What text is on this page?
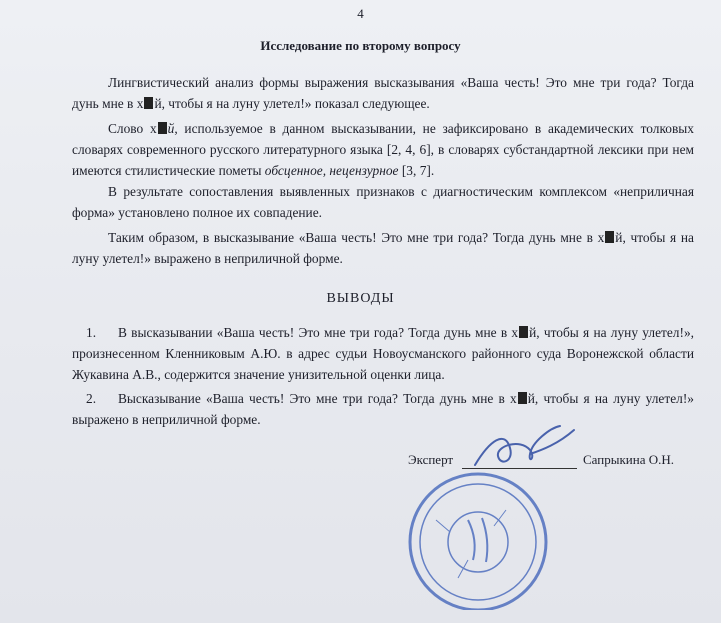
4
Исследование по второму вопросу

Лингвистический анализ формы выражения высказывания «Ваша честь! Это мне три года? Тогда дунь мне в х й, чтобы я на луну улетел!» показал следующее.

Слово х й, используемое в данном высказывании, не зафиксировано в академических толковых словарях современного русского литературного языка [2, 4, 6], в словарях субстандартной лексики при нем имеются стилистические пометы обсценное, нецензурное [3, 7].

В результате сопоставления выявленных признаков с диагностическим комплексом «неприличная форма» установлено полное их совпадение.

Таким образом, в высказывание «Ваша честь! Это мне три года? Тогда дунь мне в х й, чтобы я на луну улетел!» выражено в неприличной форме.

ВЫВОДЫ

1. В высказывании «Ваша честь! Это мне три года? Тогда дунь мне в х й, чтобы я на луну улетел!», произнесенном Кленниковым А.Ю. в адрес судьи Новоусманского районного суда Воронежской области Жукавина А.В., содержится значение унизительной оценки лица.

2. Высказывание «Ваша честь! Это мне три года? Тогда дунь мне в х й, чтобы я на луну улетел!» выражено в неприличной форме.

Эксперт	Сапрыкина О.Н.
